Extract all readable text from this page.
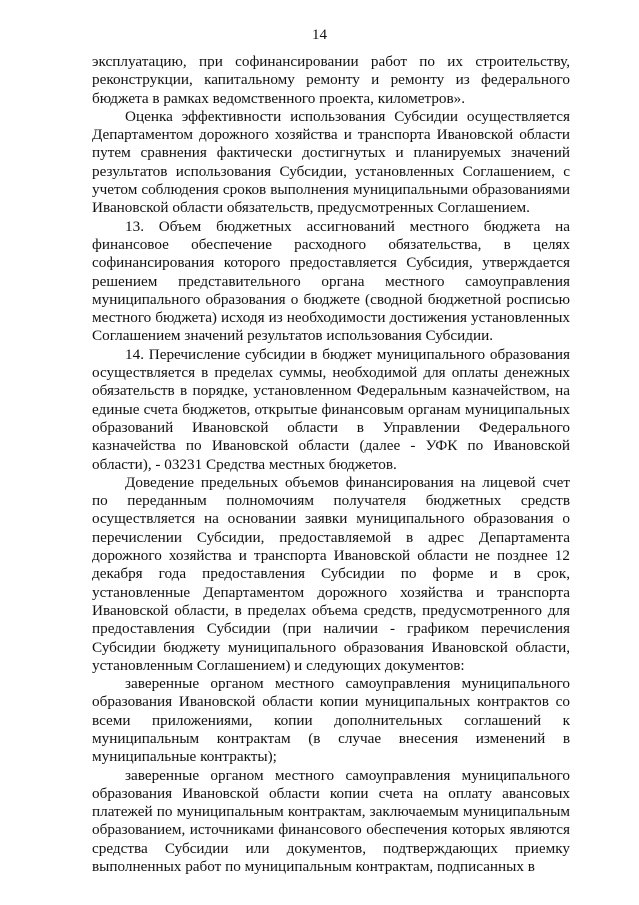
14

эксплуатацию, при софинансировании работ по их строительству, реконструкции, капитальному ремонту и ремонту из федерального бюджета в рамках ведомственного проекта, километров».

Оценка эффективности использования Субсидии осуществляется Департаментом дорожного хозяйства и транспорта Ивановской области путем сравнения фактически достигнутых и планируемых значений результатов использования Субсидии, установленных Соглашением, с учетом соблюдения сроков выполнения муниципальными образованиями Ивановской области обязательств, предусмотренных Соглашением.

13. Объем бюджетных ассигнований местного бюджета на финансовое обеспечение расходного обязательства, в целях софинансирования которого предоставляется Субсидия, утверждается решением представительного органа местного самоуправления муниципального образования о бюджете (сводной бюджетной росписью местного бюджета) исходя из необходимости достижения установленных Соглашением значений результатов использования Субсидии.

14. Перечисление субсидии в бюджет муниципального образования осуществляется в пределах суммы, необходимой для оплаты денежных обязательств в порядке, установленном Федеральным казначейством, на единые счета бюджетов, открытые финансовым органам муниципальных образований Ивановской области в Управлении Федерального казначейства по Ивановской области (далее - УФК по Ивановской области), - 03231 Средства местных бюджетов.

Доведение предельных объемов финансирования на лицевой счет по переданным полномочиям получателя бюджетных средств осуществляется на основании заявки муниципального образования о перечислении Субсидии, предоставляемой в адрес Департамента дорожного хозяйства и транспорта Ивановской области не позднее 12 декабря года предоставления Субсидии по форме и в срок, установленные Департаментом дорожного хозяйства и транспорта Ивановской области, в пределах объема средств, предусмотренного для предоставления Субсидии (при наличии - графиком перечисления Субсидии бюджету муниципального образования Ивановской области, установленным Соглашением) и следующих документов:

заверенные органом местного самоуправления муниципального образования Ивановской области копии муниципальных контрактов со всеми приложениями, копии дополнительных соглашений к муниципальным контрактам (в случае внесения изменений в муниципальные контракты);

заверенные органом местного самоуправления муниципального образования Ивановской области копии счета на оплату авансовых платежей по муниципальным контрактам, заключаемым муниципальным образованием, источниками финансового обеспечения которых являются средства Субсидии или документов, подтверждающих приемку выполненных работ по муниципальным контрактам, подписанных в
